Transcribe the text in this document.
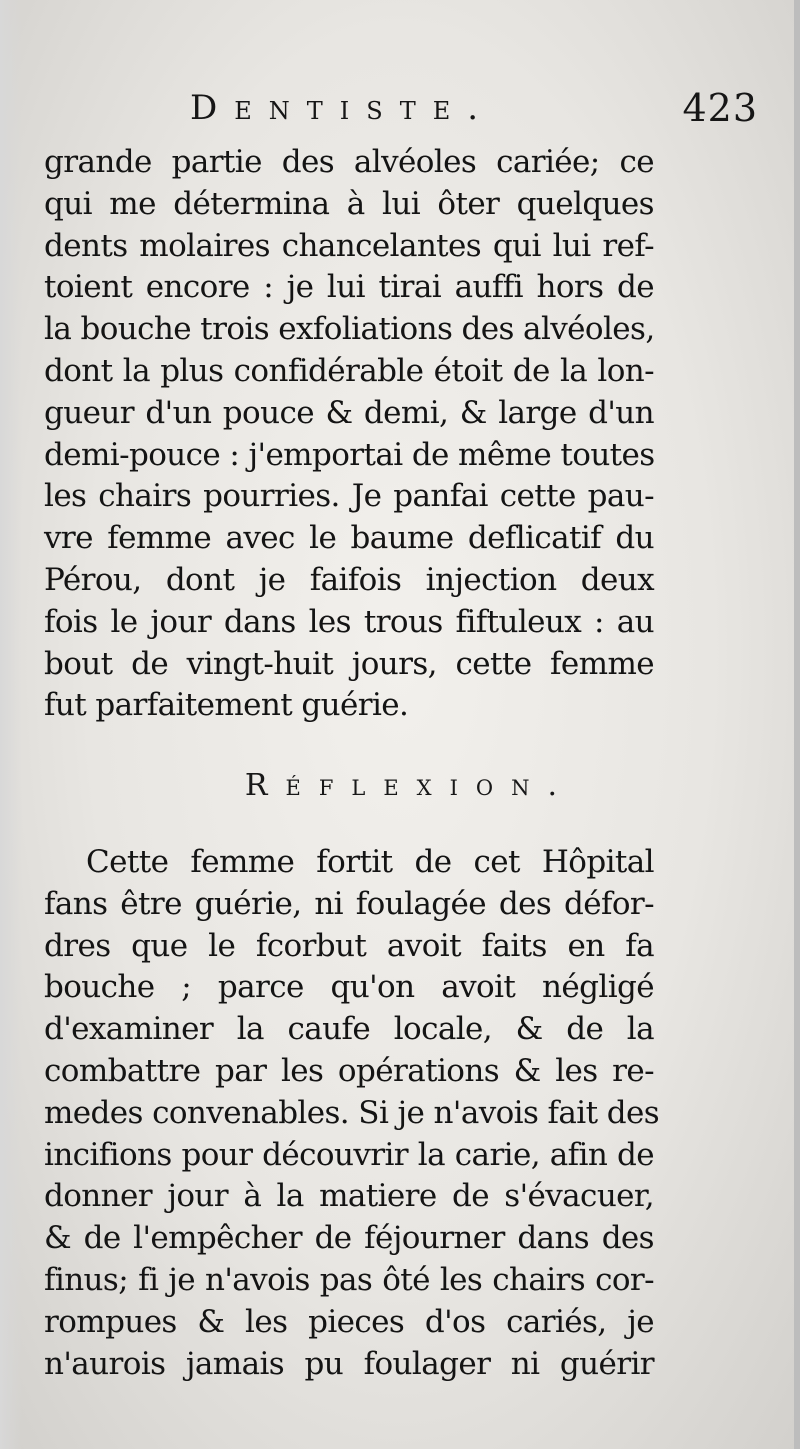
Dentiste.	423
grande partie des alvéoles cariée; ce
qui me détermina à lui ôter quelques
dents molaires chancelantes qui lui ref-
toient encore : je lui tirai auffi hors de
la bouche trois exfoliations des alvéoles,
dont la plus confidérable étoit de la lon-
gueur d'un pouce & demi, & large d'un
demi-pouce : j'emportai de même toutes
les chairs pourries. Je panfai cette pau-
vre femme avec le baume deflicatif du
Pérou, dont je faifois injection deux
fois le jour dans les trous fiftuleux : au
bout de vingt-huit jours, cette femme
fut parfaitement guérie.
Réflexion.
Cette femme fortit de cet Hôpital
fans être guérie, ni foulagée des défor-
dres que le fcorbut avoit faits en fa
bouche ; parce qu'on avoit négligé
d'examiner la caufe locale, & de la
combattre par les opérations & les re-
medes convenables. Si je n'avois fait des
incifions pour découvrir la carie, afin de
donner jour à la matiere de s'évacuer,
& de l'empêcher de féjourner dans des
finus; fi je n'avois pas ôté les chairs cor-
rompues & les pieces d'os cariés, je
n'aurois jamais pu foulager ni guérir
